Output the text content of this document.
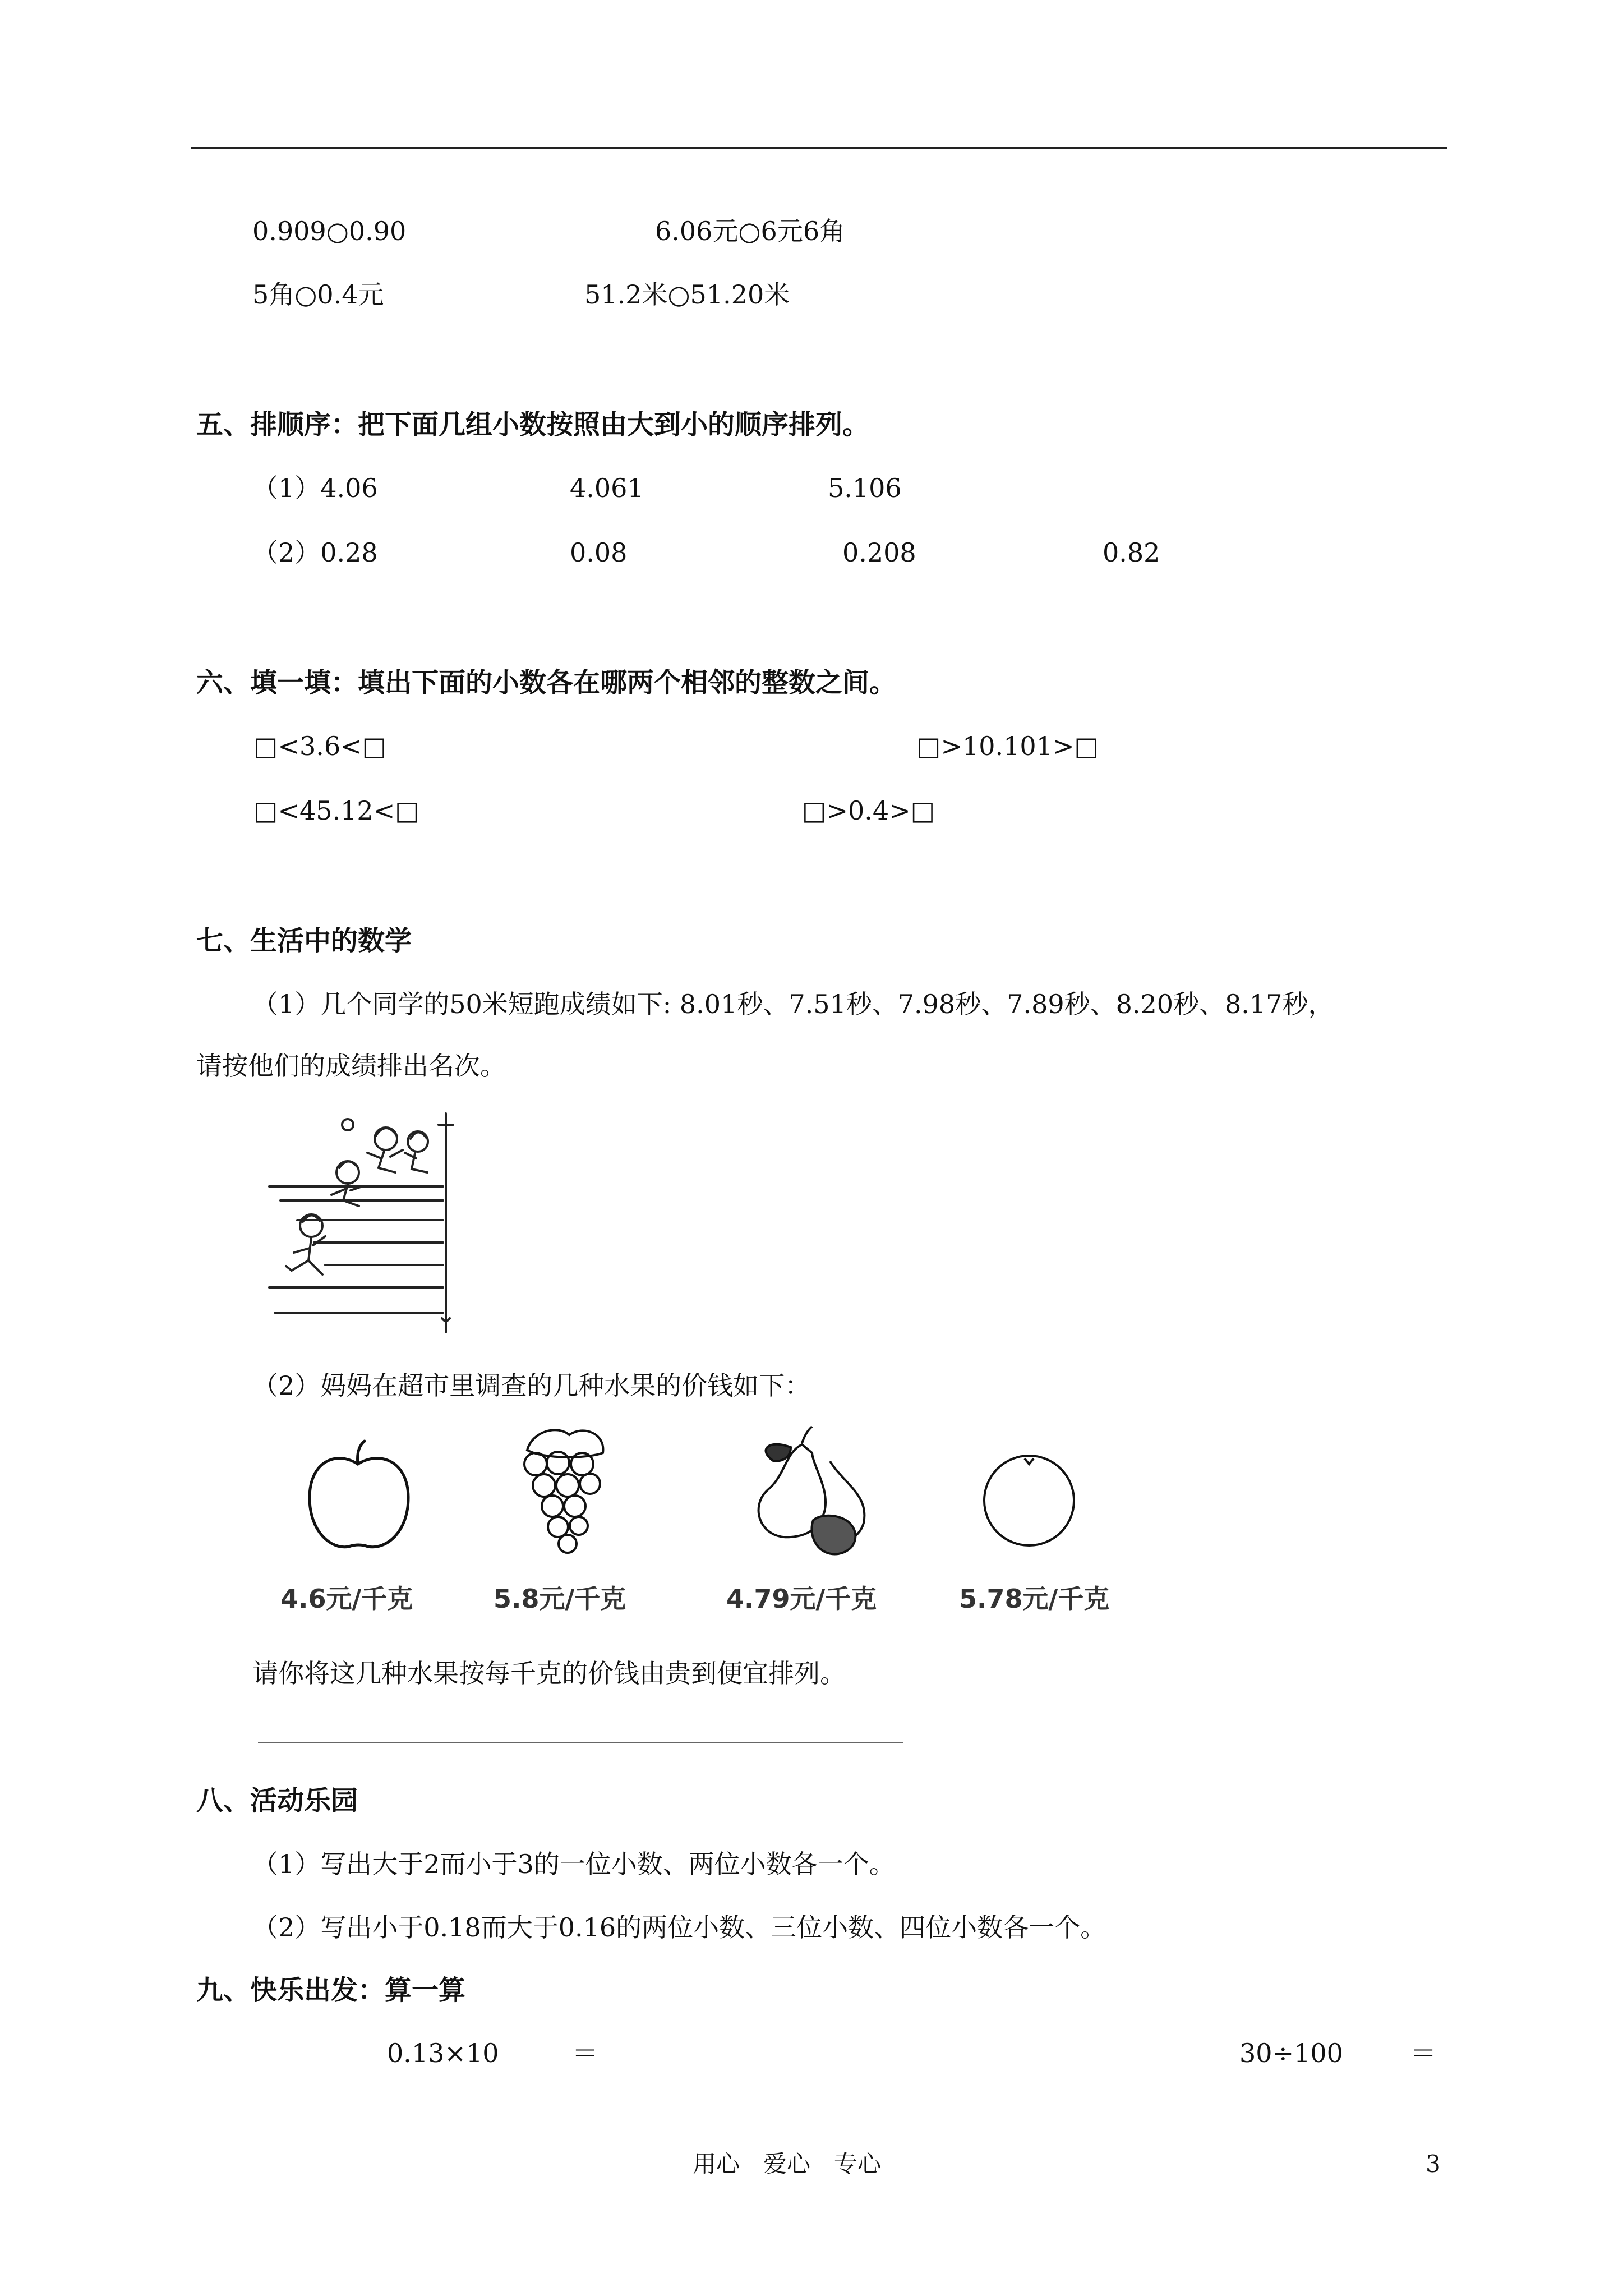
0.909○0.90	6.06元○6元6角
5角○0.4元	51.2米○51.20米
五、排顺序：把下面几组小数按照由大到小的顺序排列。
（1）4.06	4.061	5.106
（2）0.28	0.08	0.208	0.82
六、填一填：填出下面的小数各在哪两个相邻的整数之间。
□<3.6<□	□>10.101>□
□<45.12<□	□>0.4>□
七、生活中的数学
（1）几个同学的50米短跑成绩如下: 8.01秒、7.51秒、7.98秒、7.89秒、8.20秒、8.17秒，
请按他们的成绩排出名次。
（2）妈妈在超市里调查的几种水果的价钱如下：
4.6元/千克	5.8元/千克	4.79元/千克	5.78元/千克
请你将这几种水果按每千克的价钱由贵到便宜排列。
八、活动乐园
（1）写出大于2而小于3的一位小数、两位小数各一个。
（2）写出小于0.18而大于0.16的两位小数、三位小数、四位小数各一个。
九、快乐出发：算一算
0.13×10	＝	30÷100	＝
用心　爱心　专心	3
